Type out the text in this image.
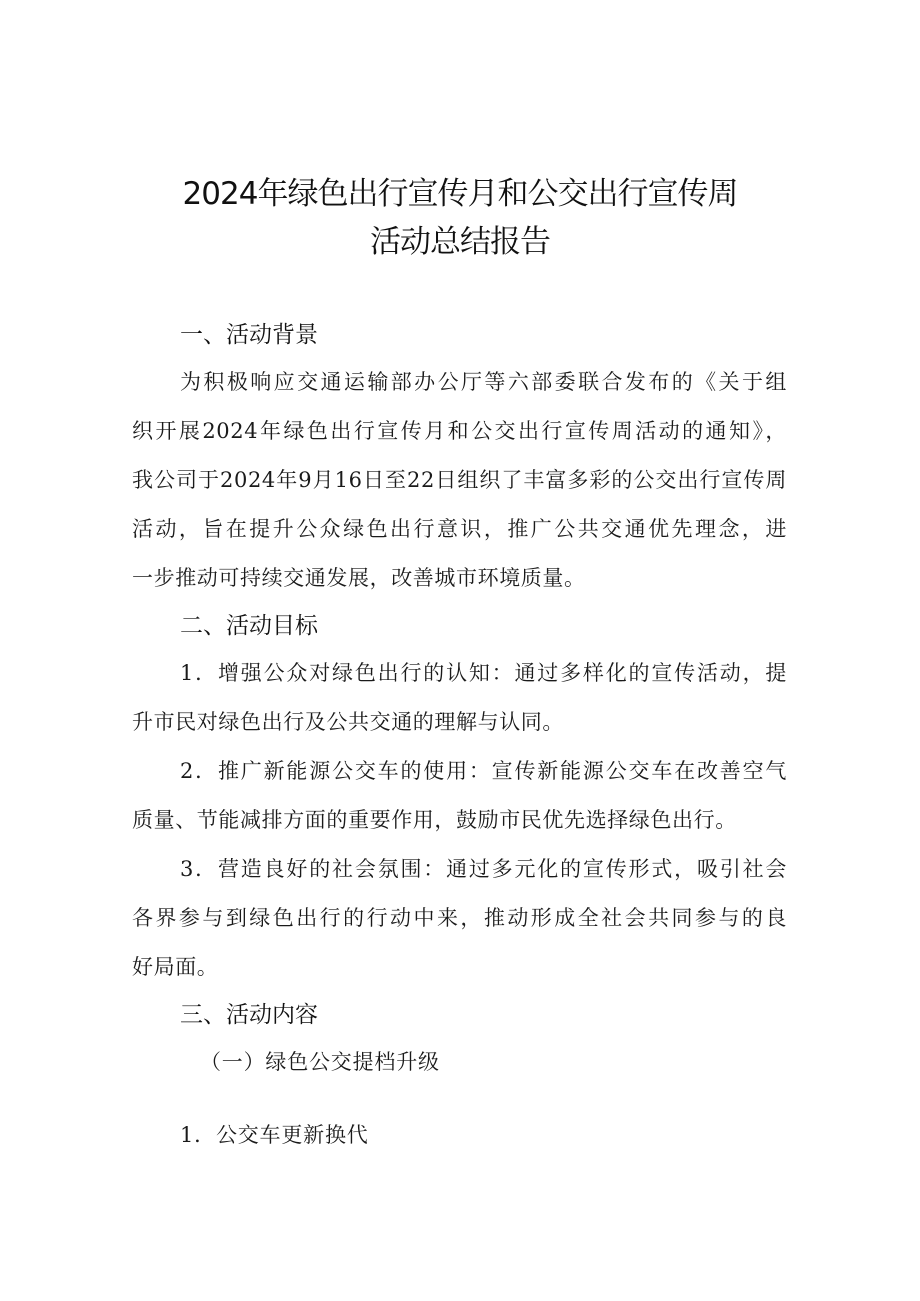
2024年绿色出行宣传月和公交出行宣传周
活动总结报告
一、活动背景
为积极响应交通运输部办公厅等六部委联合发布的《关于组
织开展2024年绿色出行宣传月和公交出行宣传周活动的通知》，
我公司于2024年9月16日至22日组织了丰富多彩的公交出行宣传周
活动，旨在提升公众绿色出行意识，推广公共交通优先理念，进
一步推动可持续交通发展，改善城市环境质量。
二、活动目标
1．增强公众对绿色出行的认知：通过多样化的宣传活动，提
升市民对绿色出行及公共交通的理解与认同。
2．推广新能源公交车的使用：宣传新能源公交车在改善空气
质量、节能减排方面的重要作用，鼓励市民优先选择绿色出行。
3．营造良好的社会氛围：通过多元化的宣传形式，吸引社会
各界参与到绿色出行的行动中来，推动形成全社会共同参与的良
好局面。
三、活动内容
（一）绿色公交提档升级
1．公交车更新换代
